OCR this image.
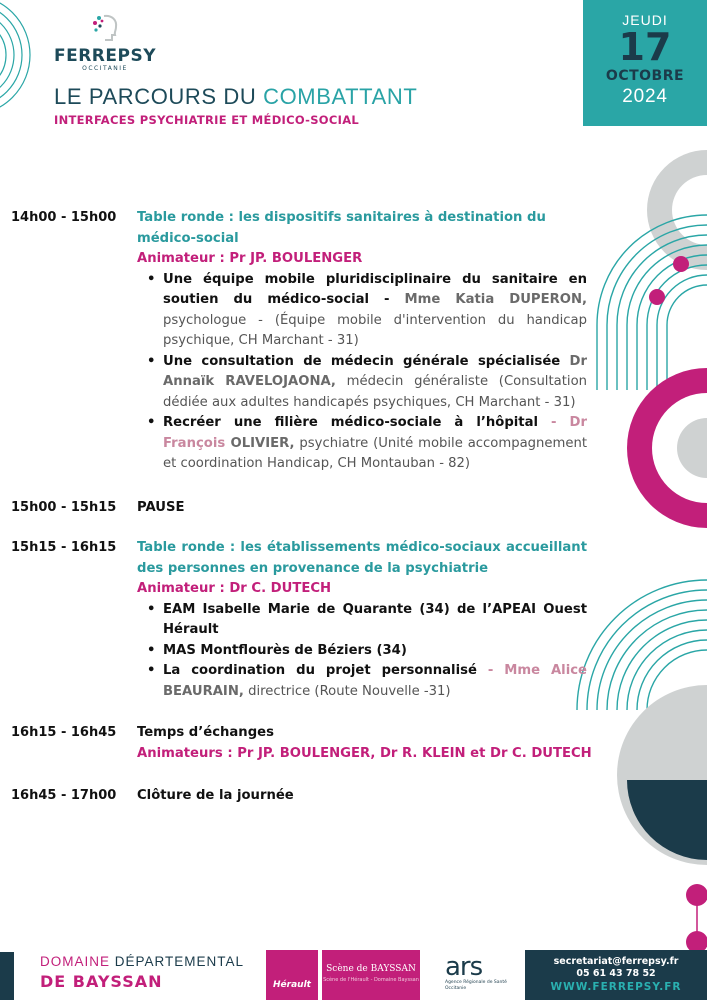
FERREPSY
OCCITANIE
LE PARCOURS DU COMBATTANT
INTERFACES PSYCHIATRIE ET MÉDICO-SOCIAL
JEUDI
17
OCTOBRE
2024
14h00 - 15h00	Table ronde : les dispositifs sanitaires à destination du médico-social
Animateur : Pr JP. BOULENGER
• Une équipe mobile pluridisciplinaire du sanitaire en soutien du médico-social - Mme Katia DUPERON, psychologue - (Équipe mobile d'intervention du handicap psychique, CH Marchant - 31)
• Une consultation de médecin générale spécialisée Dr Annaïk RAVELOJAONA, médecin généraliste (Consultation dédiée aux adultes handicapés psychiques, CH Marchant - 31)
• Recréer une filière médico-sociale à l’hôpital - Dr François OLIVIER, psychiatre (Unité mobile accompagnement et coordination Handicap, CH Montauban - 82)
15h00 - 15h15	PAUSE
15h15 - 16h15	Table ronde : les établissements médico-sociaux accueillant des personnes en provenance de la psychiatrie
Animateur : Dr C. DUTECH
• EAM Isabelle Marie de Quarante (34) de l’APEAI Ouest Hérault
• MAS Montflourès de Béziers (34)
• La coordination du projet personnalisé - Mme Alice BEAURAIN, directrice (Route Nouvelle -31)
16h15 - 16h45	Temps d’échanges
Animateurs : Pr JP. BOULENGER, Dr R. KLEIN et Dr C. DUTECH
16h45 - 17h00	Clôture de la journée
DOMAINE DÉPARTEMENTAL
DE BAYSSAN	Hérault
Scène de BAYSSAN
Scène de l'Hérault - Domaine Bayssan ars
Agence Régionale de Santé Occitanie
secretariat@ferrepsy.fr
05 61 43 78 52
WWW.FERREPSY.FR
